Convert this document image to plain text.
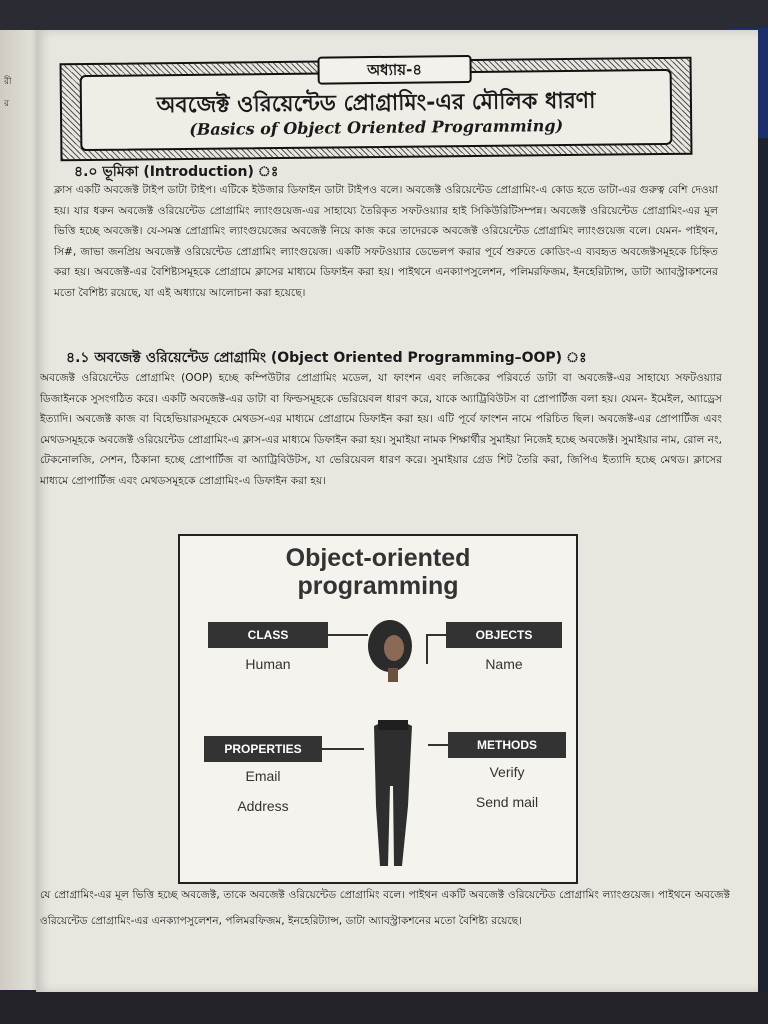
রী
র
অধ্যায়-৪
অবজেক্ট ওরিয়েন্টেড প্রোগ্রামিং-এর মৌলিক ধারণা
(Basics of Object Oriented Programming)
৪.০ ভূমিকা (Introduction) ঃ
ক্লাস একটি অবজেক্ট টাইপ ডাটা টাইপ। এটিকে ইউজার ডিফাইন ডাটা টাইপও বলে। অবজেক্ট ওরিয়েন্টেড প্রোগ্রামিং-এ কোড হতে ডাটা-এর গুরুত্ব বেশি দেওয়া হয়। যার ধরুন অবজেক্ট ওরিয়েন্টেড প্রোগ্রামিং ল্যাংগুয়েজ-এর সাহায্যে তৈরিকৃত সফটওয়্যার হাই সিকিউরিটিসম্পন্ন। অবজেক্ট ওরিয়েন্টেড প্রোগ্রামিং-এর মূল ভিত্তি হচ্ছে অবজেক্ট। যে-সমস্ত প্রোগ্রামিং ল্যাংগুয়েজের অবজেক্ট নিয়ে কাজ করে তাদেরকে অবজেক্ট ওরিয়েন্টেড প্রোগ্রামিং ল্যাংগুয়েজ বলে। যেমন- পাইথন, সি#, জাভা জনপ্রিয় অবজেক্ট ওরিয়েন্টেড প্রোগ্রামিং ল্যাংগুয়েজ। একটি সফটওয়্যার ডেভেলপ করার পূর্বে শুরুতে কোডিং-এ ব্যবহৃত অবজেক্টসমূহকে চিহ্নিত করা হয়। অবজেক্ট-এর বৈশিষ্ট্যসমূহকে প্রোগ্রামে ক্লাসের মাধ্যমে ডিফাইন করা হয়। পাইথনে এনক্যাপসুলেশন, পলিমরফিজম, ইনহেরিট্যান্স, ডাটা অ্যাবস্ট্রাকশনের মতো বৈশিষ্ট্য রয়েছে, যা এই অধ্যায়ে আলোচনা করা হয়েছে।
৪.১ অবজেক্ট ওরিয়েন্টেড প্রোগ্রামিং (Object Oriented Programming–OOP) ঃ
অবজেক্ট ওরিয়েন্টেড প্রোগ্রামিং (OOP) হচ্ছে কম্পিউটার প্রোগ্রামিং মডেল, যা ফাংশন এবং লজিকের পরিবর্তে ডাটা বা অবজেক্ট-এর সাহায্যে সফটওয়্যার ডিজাইনকে সুসংগঠিত করে। একটি অবজেক্ট-এর ডাটা বা ফিল্ডসমূহকে ভেরিয়েবল ধারণ করে, যাকে অ্যাট্রিবিউটস বা প্রোপার্টিজ বলা হয়। যেমন- ইমেইল, অ্যাড্রেস ইত্যাদি। অবজেক্ট কাজ বা বিহেভিয়ারসমূহকে মেথডস-এর মাধ্যমে প্রোগ্রামে ডিফাইন করা হয়। এটি পূর্বে ফাংশন নামে পরিচিত ছিল। অবজেক্ট-এর প্রোপার্টিজ এবং মেথডসমূহকে অবজেক্ট ওরিয়েন্টেড প্রোগ্রামিং-এ ক্লাস-এর মাধ্যমে ডিফাইন করা হয়। সুমাইয়া নামক শিক্ষার্থীর সুমাইয়া নিজেই হচ্ছে অবজেক্ট। সুমাইয়ার নাম, রোল নং, টেকনোলজি, সেশন, ঠিকানা হচ্ছে প্রোপার্টিজ বা অ্যাট্রিবিউটস, যা ভেরিয়েবল ধারণ করে। সুমাইয়ার গ্রেড শিট তৈরি করা, জিপিএ ইত্যাদি হচ্ছে মেথড। ক্লাসের মাধ্যমে প্রোপার্টিজ এবং মেথডসমূহকে প্রোগ্রামিং-এ ডিফাইন করা হয়।
Object-oriented
programming
CLASS
Human
OBJECTS
Name
PROPERTIES
Email
Address
METHODS
Verify
Send mail
যে প্রোগ্রামিং-এর মূল ভিত্তি হচ্ছে অবজেক্ট, তাকে অবজেক্ট ওরিয়েন্টেড প্রোগ্রামিং বলে। পাইথন একটি অবজেক্ট ওরিয়েন্টেড প্রোগ্রামিং ল্যাংগুয়েজ। পাইথনে অবজেক্ট ওরিয়েন্টেড প্রোগ্রামিং-এর এনক্যাপসুলেশন, পলিমরফিজম, ইনহেরিট্যান্স, ডাটা অ্যাবস্ট্রাকশনের মতো বৈশিষ্ট্য রয়েছে।
